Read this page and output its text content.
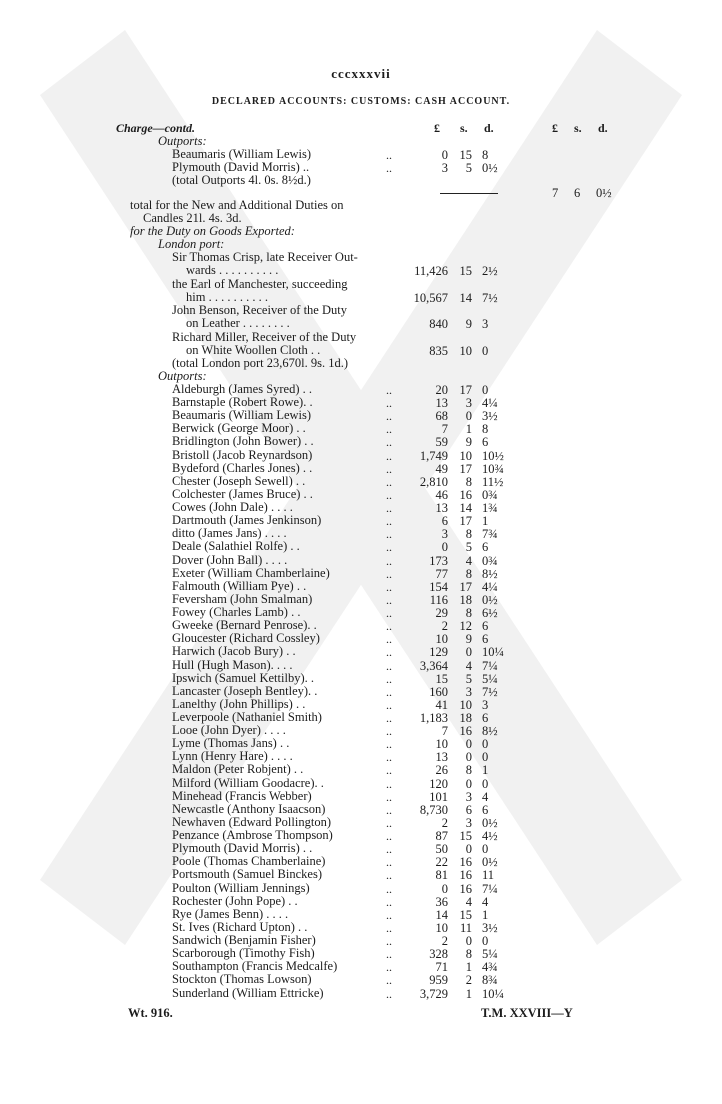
cccxxxvii
DECLARED ACCOUNTS: CUSTOMS: CASH ACCOUNT.
Charge—contd.	£ s. d.	£ s. d.
Outports:
Beaumaris (William Lewis)	..	0 15 8
Plymouth (David Morris) ..	..	3	5 0½
(total Outports 4l. 0s. 8½d.)
total for the New and Additional Duties on
Candles 21l. 4s. 3d.
7 6 0½
for the Duty on Goods Exported:
London port:
Sir Thomas Crisp, late Receiver Out-
wards . . . . . . . . . .	11,426 15 2½
the Earl of Manchester, succeeding
him . . . . . . . . . .	10,567 14 7½
John Benson, Receiver of the Duty
on Leather . . . . . . . .	840	9 3
Richard Miller, Receiver of the Duty
on White Woollen Cloth . .	835 10 0
(total London port 23,670l. 9s. 1d.)
Outports:
Aldeburgh (James Syred) . .	..	20 17 0
Barnstaple (Robert Rowe). .	..	13	3 4¼
Beaumaris (William Lewis)	..	68	0 3½
Berwick (George Moor) . .	..	7	1 8
Bridlington (John Bower) . .	..	59	9 6
Bristoll (Jacob Reynardson)	..	1,749 10 10½
Bydeford (Charles Jones) . .	..	49 17 10¾
Chester (Joseph Sewell) . .	..	2,810	8 11½
Colchester (James Bruce) . .	..	46 16 0¾
Cowes (John Dale) . . . .	..	13 14 1¾
Dartmouth (James Jenkinson)	..	6 17 1
ditto (James Jans) . . . .	..	3	8 7¾
Deale (Salathiel Rolfe) . .	..	0	5 6
Dover (John Ball) . . . .	..	173	4 0¾
Exeter (William Chamberlaine)	..	77	8 8½
Falmouth (William Pye) . .	..	154 17 4¼
Feversham (John Smalman)	..	116 18 0½
Fowey (Charles Lamb) . .	..	29	8 6½
Gweeke (Bernard Penrose). .	..	2 12 6
Gloucester (Richard Cossley)	..	10	9 6
Harwich (Jacob Bury) . .	..	129	0 10¼
Hull (Hugh Mason). . . .	..	3,364	4 7¼
Ipswich (Samuel Kettilby). .	..	15	5 5¼
Lancaster (Joseph Bentley). .	..	160	3 7½
Lanelthy (John Phillips) . .	..	41 10 3
Leverpoole (Nathaniel Smith)	..	1,183 18 6
Looe (John Dyer) . . . .	..	7 16 8½
Lyme (Thomas Jans) . .	..	10	0 0
Lynn (Henry Hare) . . . .	..	13	0 0
Maldon (Peter Robjent) . .	..	26	8 1
Milford (William Goodacre). .	..	120	0 0
Minehead (Francis Webber)	..	101	3 4
Newcastle (Anthony Isaacson)	..	8,730	6 6
Newhaven (Edward Pollington)	..	2	3 0½
Penzance (Ambrose Thompson)	..	87 15 4½
Plymouth (David Morris) . .	..	50	0 0
Poole (Thomas Chamberlaine)	..	22 16 0½
Portsmouth (Samuel Binckes)	..	81 16 11
Poulton (William Jennings)	..	0 16 7¼
Rochester (John Pope) . .	..	36	4 4
Rye (James Benn) . . . .	..	14 15 1
St. Ives (Richard Upton) . .	..	10 11 3½
Sandwich (Benjamin Fisher)	..	2	0 0
Scarborough (Timothy Fish)	..	328	8 5¼
Southampton (Francis Medcalfe)	..	71	1 4¾
Stockton (Thomas Lowson)	..	959	2 8¾
Sunderland (William Ettricke)	..	3,729	1 10¼
Wt. 916.	T.M. XXVIII—Y
